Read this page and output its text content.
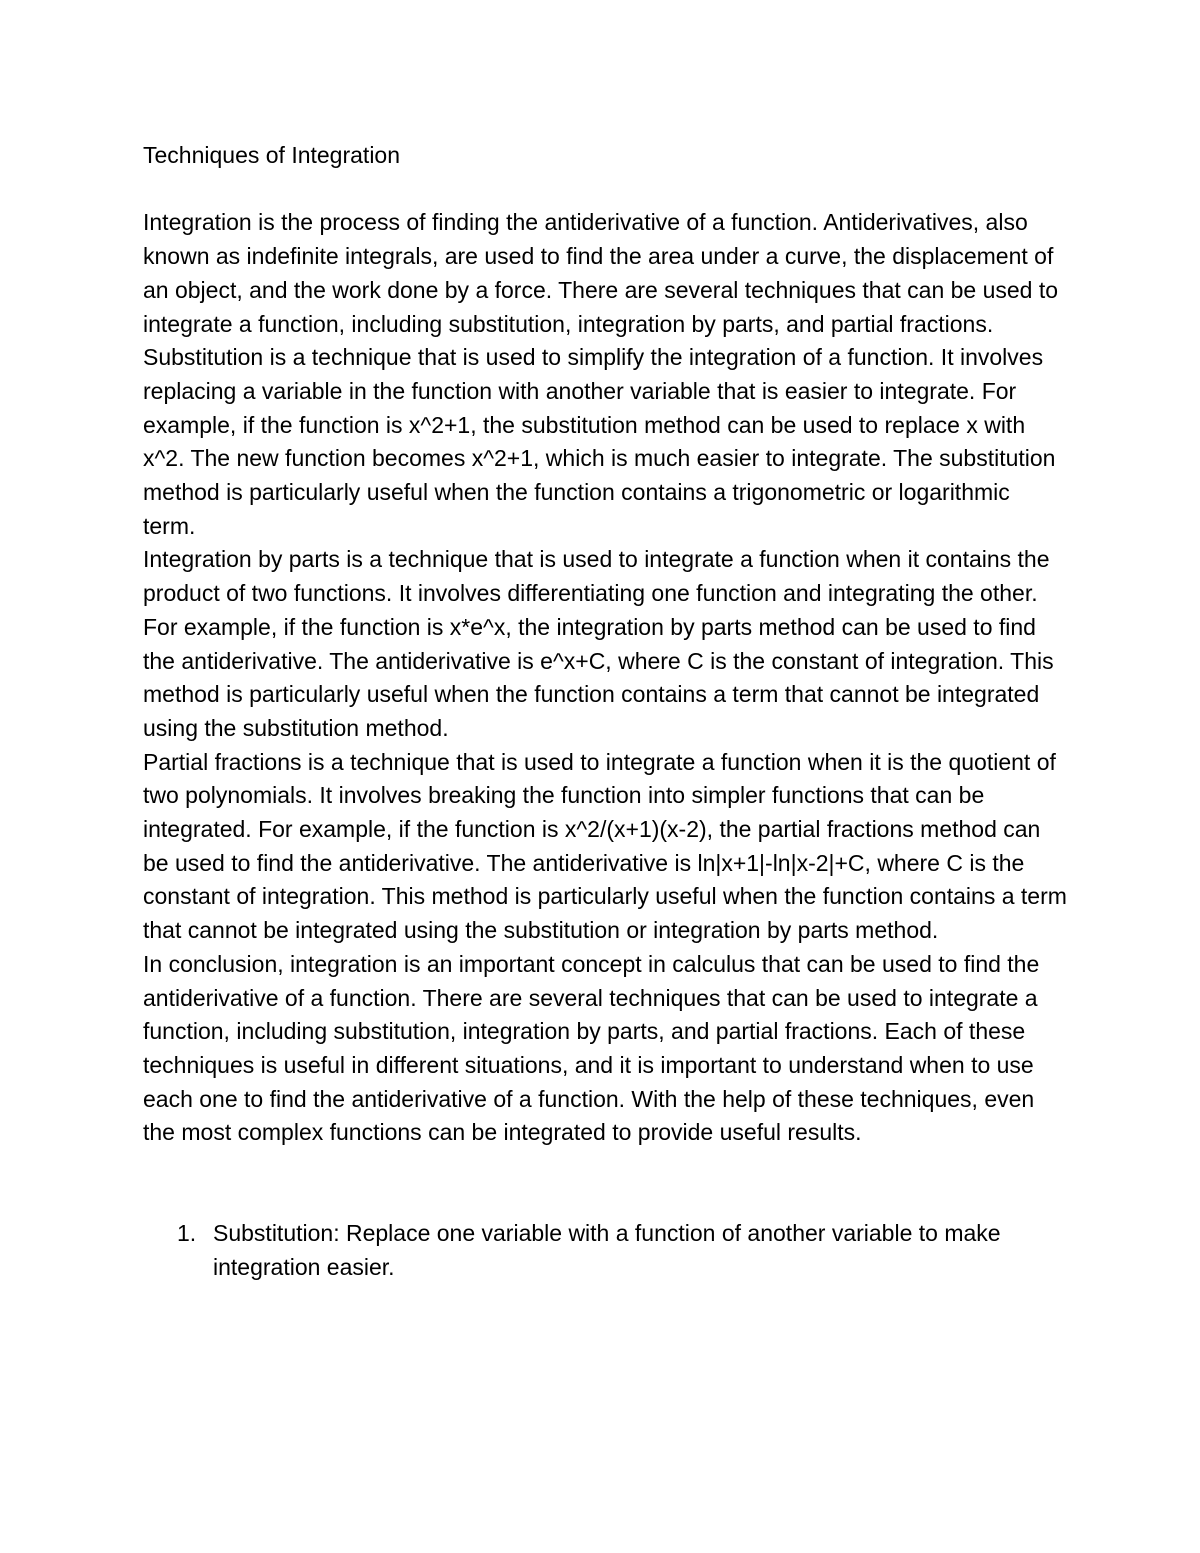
Techniques of Integration

Integration is the process of finding the antiderivative of a function. Antiderivatives, also known as indefinite integrals, are used to find the area under a curve, the displacement of an object, and the work done by a force. There are several techniques that can be used to integrate a function, including substitution, integration by parts, and partial fractions.

Substitution is a technique that is used to simplify the integration of a function. It involves replacing a variable in the function with another variable that is easier to integrate. For example, if the function is x^2+1, the substitution method can be used to replace x with x^2. The new function becomes x^2+1, which is much easier to integrate. The substitution method is particularly useful when the function contains a trigonometric or logarithmic term.

Integration by parts is a technique that is used to integrate a function when it contains the product of two functions. It involves differentiating one function and integrating the other. For example, if the function is x*e^x, the integration by parts method can be used to find the antiderivative. The antiderivative is e^x+C, where C is the constant of integration. This method is particularly useful when the function contains a term that cannot be integrated using the substitution method.

Partial fractions is a technique that is used to integrate a function when it is the quotient of two polynomials. It involves breaking the function into simpler functions that can be integrated. For example, if the function is x^2/(x+1)(x-2), the partial fractions method can be used to find the antiderivative. The antiderivative is ln|x+1|-ln|x-2|+C, where C is the constant of integration. This method is particularly useful when the function contains a term that cannot be integrated using the substitution or integration by parts method.

In conclusion, integration is an important concept in calculus that can be used to find the antiderivative of a function. There are several techniques that can be used to integrate a function, including substitution, integration by parts, and partial fractions. Each of these techniques is useful in different situations, and it is important to understand when to use each one to find the antiderivative of a function. With the help of these techniques, even the most complex functions can be integrated to provide useful results.

1. Substitution: Replace one variable with a function of another variable to make integration easier.
